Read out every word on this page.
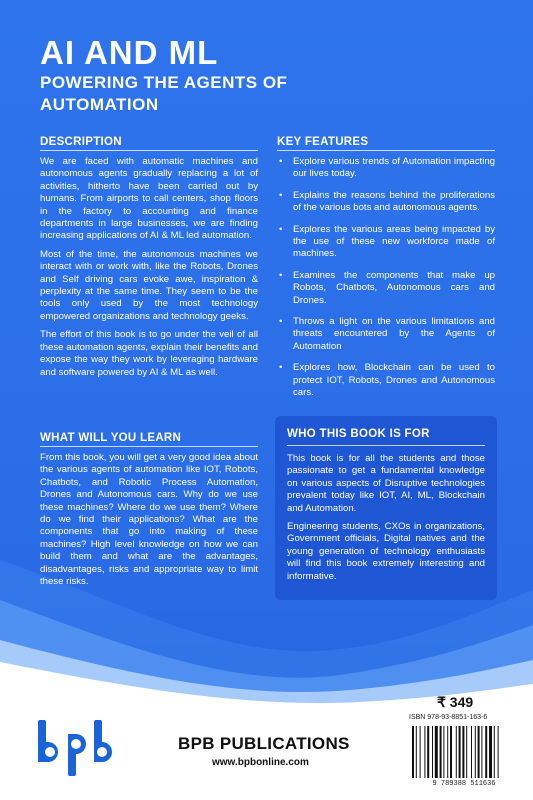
AI AND ML
POWERING THE AGENTS OF AUTOMATION
DESCRIPTION

We are faced with automatic machines and autonomous agents gradually replacing a lot of activities, hitherto have been carried out by humans. From airports to call centers, shop floors in the factory to accounting and finance departments in large businesses, we are finding increasing applications of AI & ML led automation.

Most of the time, the autonomous machines we interact with or work with, like the Robots, Drones and Self driving cars evoke awe, inspiration & perplexity at the same time. They seem to be the tools only used by the most technology empowered organizations and technology geeks.

The effort of this book is to go under the veil of all these automation agents, explain their benefits and expose the way they work by leveraging hardware and software powered by AI & ML as well.

KEY FEATURES
• Explore various trends of Automation impacting our lives today.
• Explains the reasons behind the proliferations of the various bots and autonomous agents.
• Explores the various areas being impacted by the use of these new workforce made of machines.
• Examines the components that make up Robots, Chatbots, Autonomous cars and Drones.
• Throws a light on the various limitations and threats encountered by the Agents of Automation
• Explores how, Blockchain can be used to protect IOT, Robots, Drones and Autonomous cars.
WHAT WILL YOU LEARN
From this book, you will get a very good idea about the various agents of automation like IOT, Robots, Chatbots, and Robotic Process Automation, Drones and Autonomous cars. Why do we use these machines? Where do we use them? Where do we find their applications? What are the components that go into making of these machines? High level knowledge on how we can build them and what are the advantages, disadvantages, risks and appropriate way to limit these risks.
WHO THIS BOOK IS FOR

This book is for all the students and those passionate to get a fundamental knowledge on various aspects of Disruptive technologies prevalent today like IOT, AI, ML, Blockchain and Automation.

Engineering students, CXOs in organizations, Government officials, Digital natives and the young generation of technology enthusiasts will find this book extremely interesting and informative.

BPB PUBLICATIONS
www.bpbonline.com
₹ 349
ISBN 978-93-8851-163-6
9 789388 511636
